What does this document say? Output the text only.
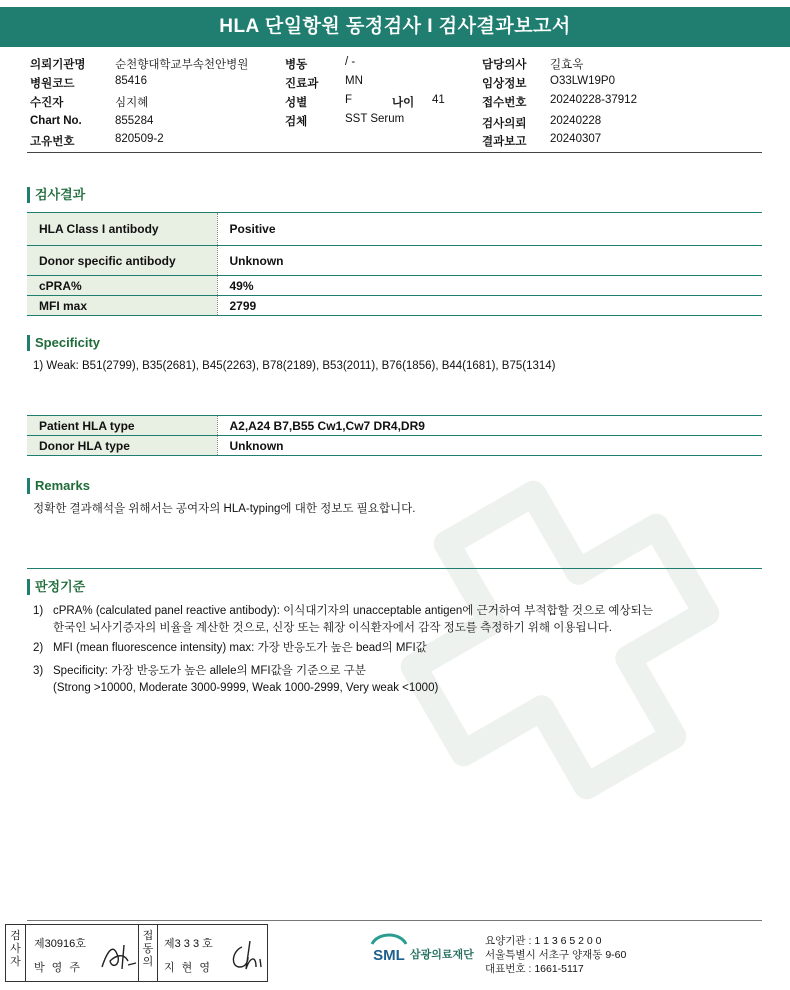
HLA 단일항원 동정검사 I 검사결과보고서
의뢰기관명	순천향대학교부속천안병원	병동	/ -	담당의사 길효욱
병원코드	85416	진료과 MN	임상정보 O33LW19P0
수진자	심지혜	성별	F	나이 41	접수번호 20240228-37912
Chart No.	855284	검체	SST Serum	검사의뢰 20240228
고유번호	820509-2	결과보고 20240307
검사결과
HLA Class I antibody	Positive
Donor specific antibody	Unknown
cPRA%	49%
MFI max	2799
Specificity
1) Weak: B51(2799), B35(2681), B45(2263), B78(2189), B53(2011), B76(1856), B44(1681), B75(1314)
Patient HLA type	A2,A24 B7,B55 Cw1,Cw7 DR4,DR9
Donor HLA type	Unknown
Remarks
정확한 결과해석을 위해서는 공여자의 HLA-typing에 대한 정보도 필요합니다.
판정기준
1) cPRA% (calculated panel reactive antibody): 이식대기자의 unacceptable antigen에 근거하여 부적합할 것으로 예상되는
한국인 뇌사기증자의 비율을 계산한 것으로, 신장 또는 췌장 이식환자에서 감작 정도를 측정하기 위해 이용됩니다.
2) MFI (mean fluorescence intensity) max: 가장 반응도가 높은 bead의 MFI값
3) Specificity: 가장 반응도가 높은 allele의 MFI값을 기준으로 구분
(Strong >10000, Moderate 3000-9999, Weak 1000-2999, Very weak <1000)
검사자
제30916호
박 영 주
접동의
제3 3 3 호
지 현 영
SML 삼광의료재단
요양기관 : 1 1 3 6 5 2 0 0
서울특별시 서초구 양재동 9-60
대표번호 : 1661-5117
